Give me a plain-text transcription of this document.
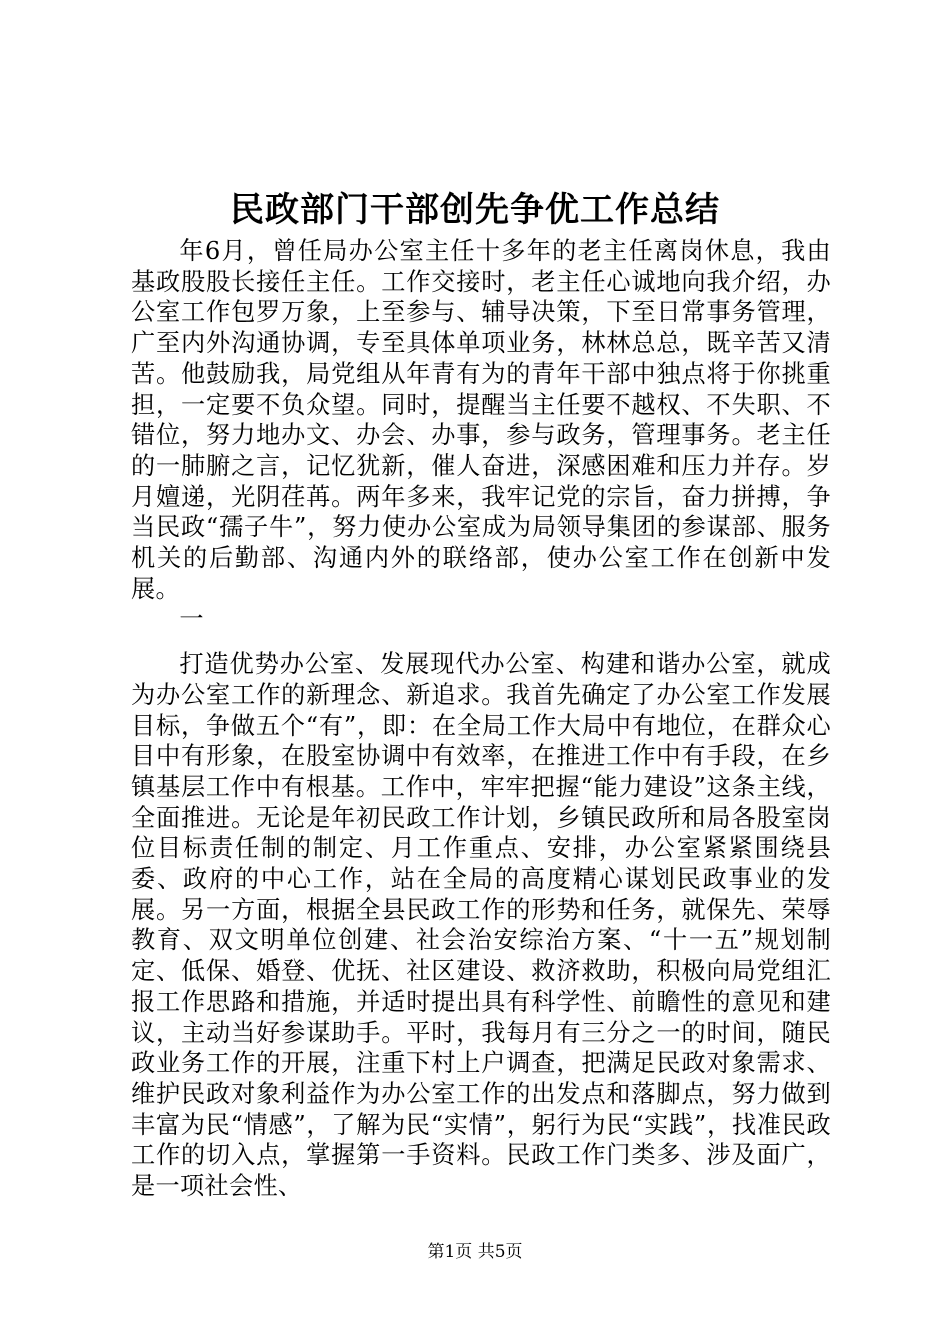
民政部门干部创先争优工作总结

年6月，曾任局办公室主任十多年的老主任离岗休息，我由基政股股长接任主任。工作交接时，老主任心诚地向我介绍，办公室工作包罗万象，上至参与、辅导决策，下至日常事务管理，广至内外沟通协调，专至具体单项业务，林林总总，既辛苦又清苦。他鼓励我，局党组从年青有为的青年干部中独点将于你挑重担，一定要不负众望。同时，提醒当主任要不越权、不失职、不错位，努力地办文、办会、办事，参与政务，管理事务。老主任的一肺腑之言，记忆犹新，催人奋进，深感困难和压力并存。岁月嬗递，光阴荏苒。两年多来，我牢记党的宗旨，奋力拼搏，争当民政“孺子牛”，努力使办公室成为局领导集团的参谋部、服务机关的后勤部、沟通内外的联络部，使办公室工作在创新中发展。

一

打造优势办公室、发展现代办公室、构建和谐办公室，就成为办公室工作的新理念、新追求。我首先确定了办公室工作发展目标，争做五个“有”，即：在全局工作大局中有地位，在群众心目中有形象，在股室协调中有效率，在推进工作中有手段，在乡镇基层工作中有根基。工作中，牢牢把握“能力建设”这条主线，全面推进。无论是年初民政工作计划，乡镇民政所和局各股室岗位目标责任制的制定、月工作重点、安排，办公室紧紧围绕县委、政府的中心工作，站在全局的高度精心谋划民政事业的发展。另一方面，根据全县民政工作的形势和任务，就保先、荣辱教育、双文明单位创建、社会治安综治方案、“十一五”规划制定、低保、婚登、优抚、社区建设、救济救助，积极向局党组汇报工作思路和措施，并适时提出具有科学性、前瞻性的意见和建议，主动当好参谋助手。平时，我每月有三分之一的时间，随民政业务工作的开展，注重下村上户调查，把满足民政对象需求、维护民政对象利益作为办公室工作的出发点和落脚点，努力做到丰富为民“情感”，了解为民“实情”，躬行为民“实践”，找准民政工作的切入点，掌握第一手资料。民政工作门类多、涉及面广，是一项社会性、

第1页 共5页
